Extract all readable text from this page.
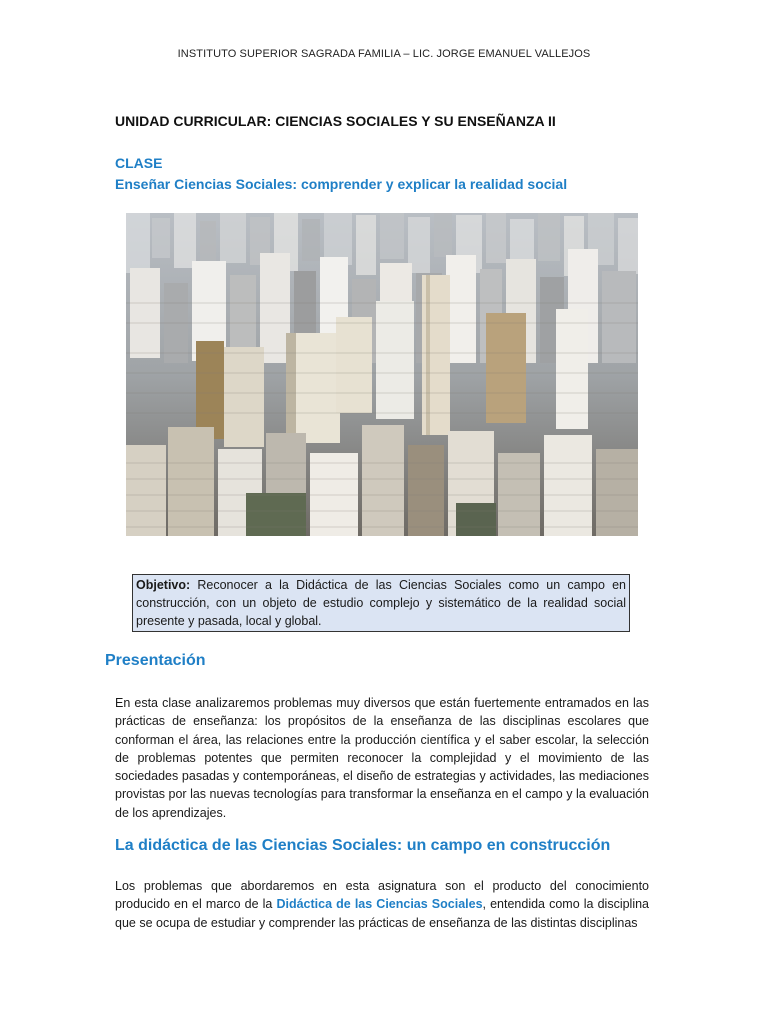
INSTITUTO SUPERIOR SAGRADA FAMILIA – LIC. JORGE EMANUEL VALLEJOS
UNIDAD CURRICULAR: CIENCIAS SOCIALES Y SU ENSEÑANZA II
CLASE
Enseñar Ciencias Sociales: comprender y explicar la realidad social
Objetivo: Reconocer a la Didáctica de las Ciencias Sociales como un campo en construcción, con un objeto de estudio complejo y sistemático de la realidad social presente y pasada, local y global.
Presentación
En esta clase analizaremos problemas muy diversos que están fuertemente entramados en las prácticas de enseñanza: los propósitos de la enseñanza de las disciplinas escolares que conforman el área, las relaciones entre la producción científica y el saber escolar, la selección de problemas potentes que permiten reconocer la complejidad y el movimiento de las sociedades pasadas y contemporáneas, el diseño de estrategias y actividades, las mediaciones provistas por las nuevas tecnologías para transformar la enseñanza en el campo y la evaluación de los aprendizajes.
La didáctica de las Ciencias Sociales: un campo en construcción
Los problemas que abordaremos en esta asignatura son el producto del conocimiento producido en el marco de la Didáctica de las Ciencias Sociales, entendida como la disciplina que se ocupa de estudiar y comprender las prácticas de enseñanza de las distintas disciplinas
